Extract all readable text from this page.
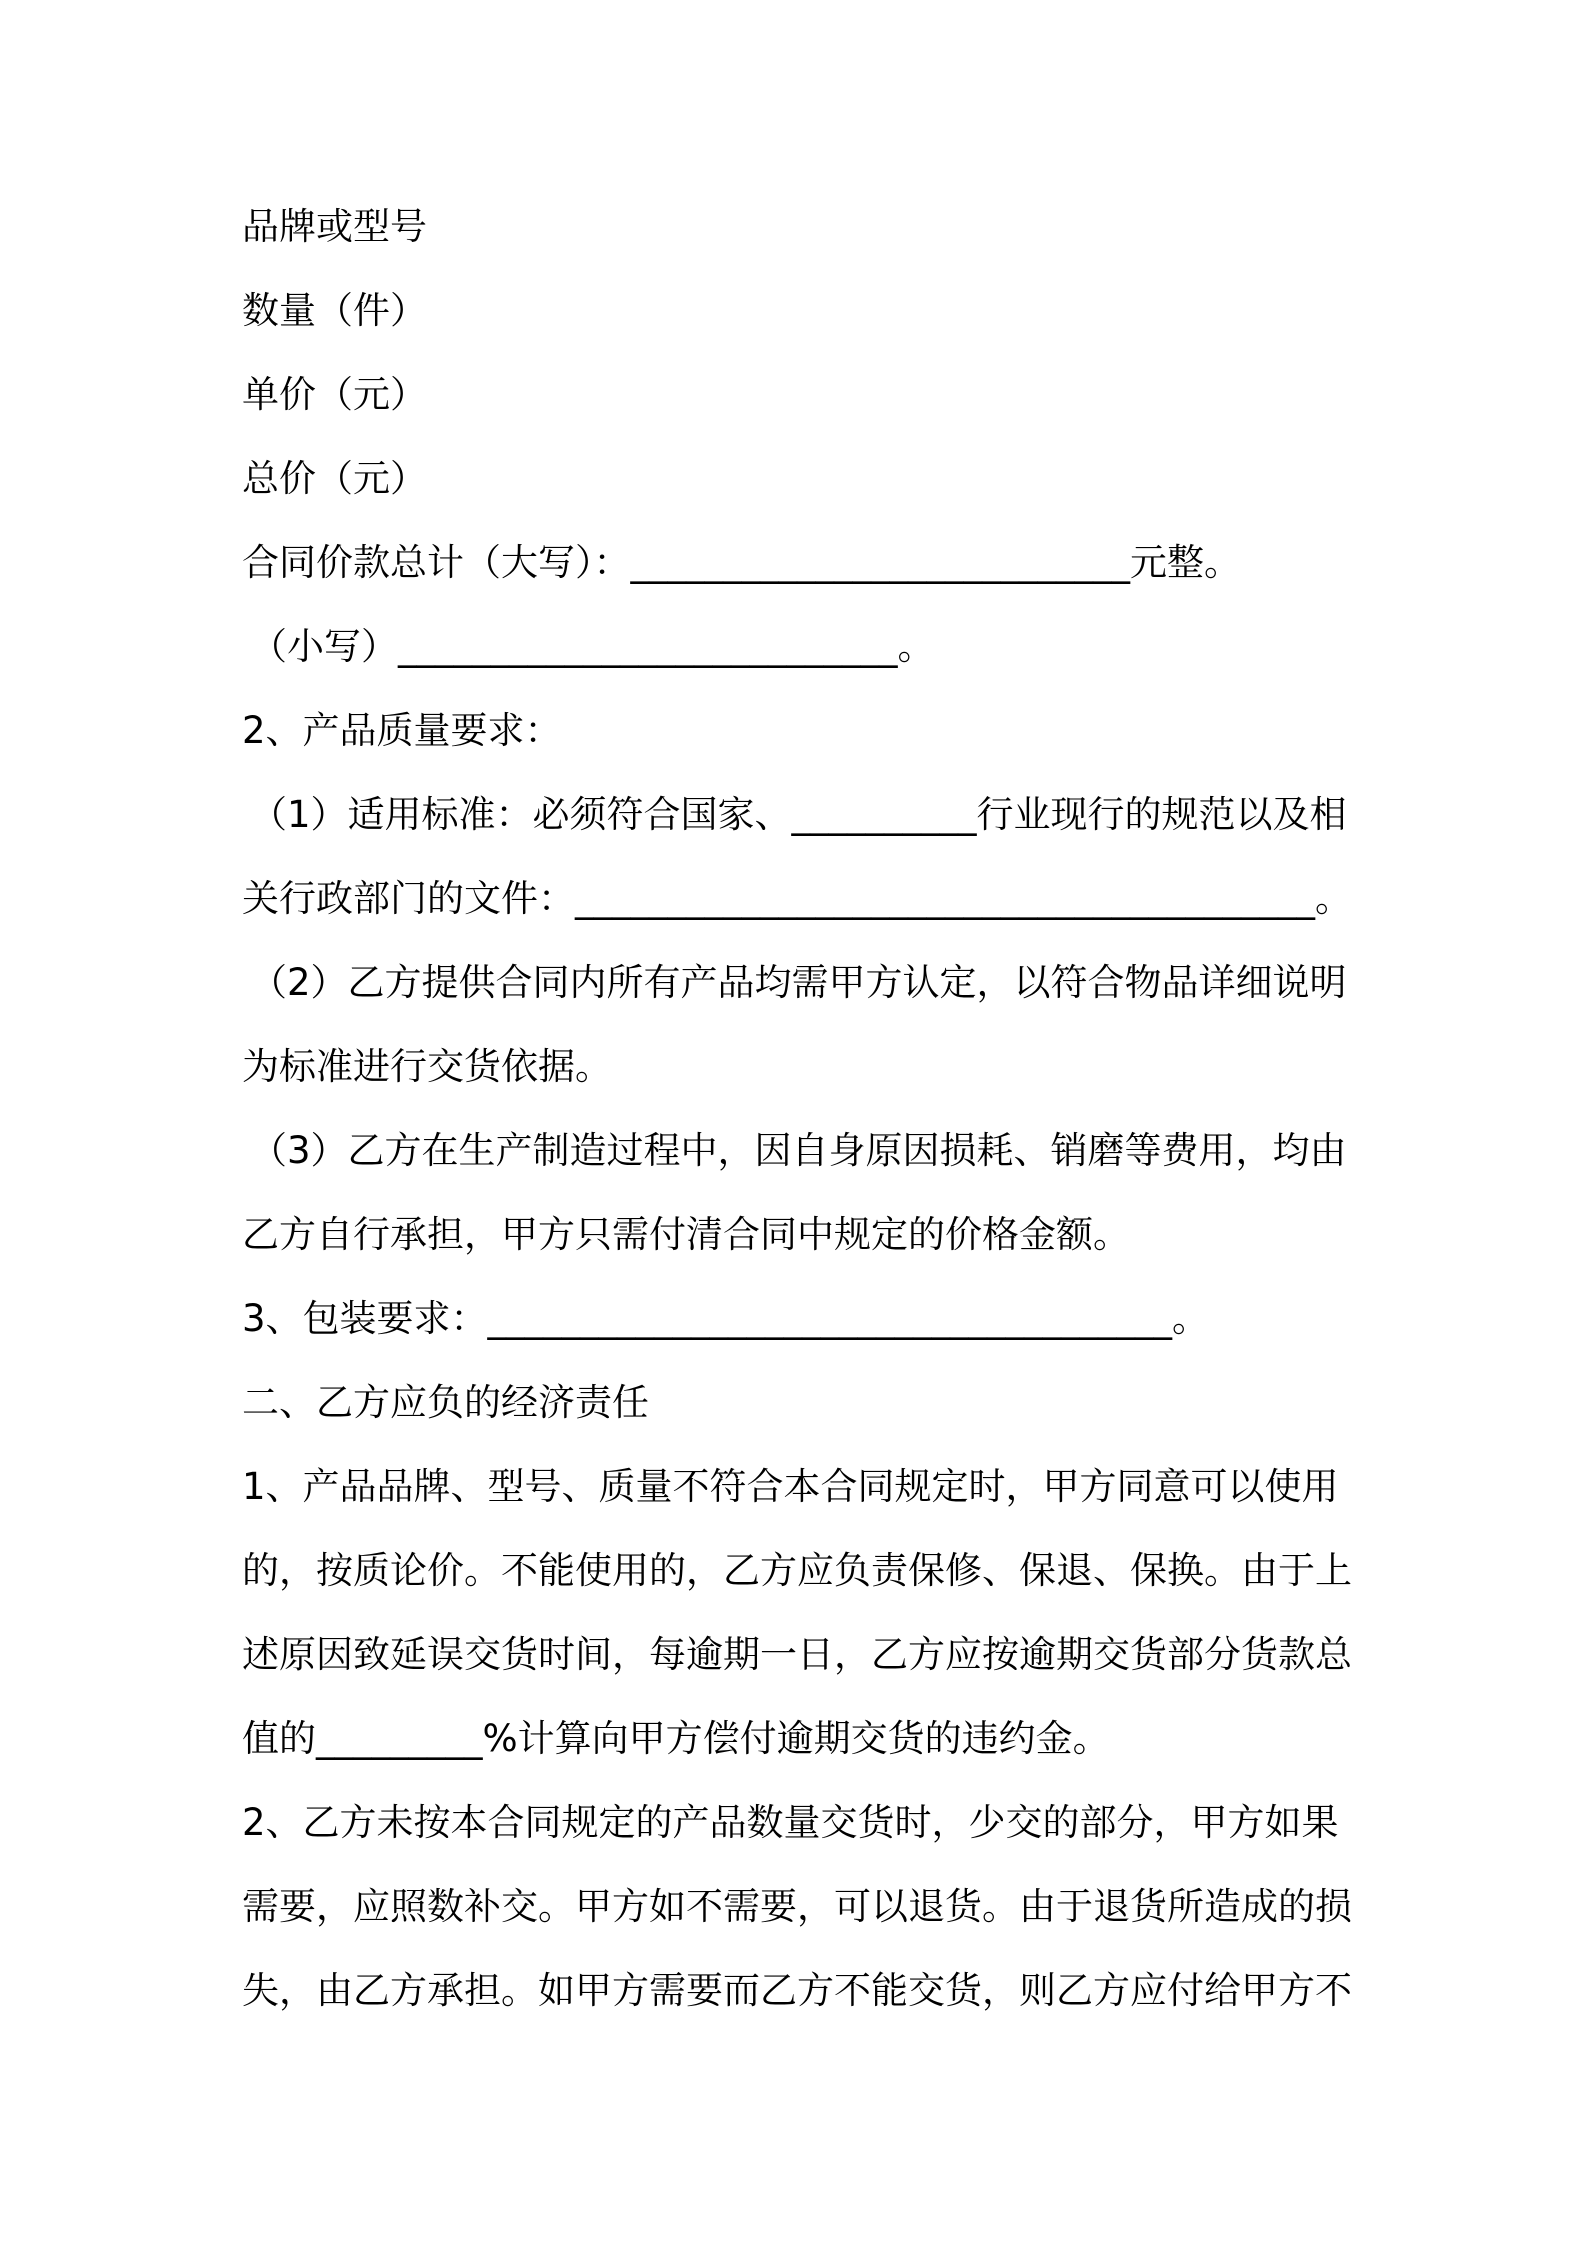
品牌或型号
数量（件）
单价（元）
总价（元）
合同价款总计（大写）：___________________________元整。
（小写）___________________________。
2、产品质量要求：
（1）适用标准：必须符合国家、__________行业现行的规范以及相
关行政部门的文件：________________________________________。
（2）乙方提供合同内所有产品均需甲方认定，以符合物品详细说明
为标准进行交货依据。
（3）乙方在生产制造过程中，因自身原因损耗、销磨等费用，均由
乙方自行承担，甲方只需付清合同中规定的价格金额。
3、包装要求：_____________________________________。
二、乙方应负的经济责任
1、产品品牌、型号、质量不符合本合同规定时，甲方同意可以使用
的，按质论价。不能使用的，乙方应负责保修、保退、保换。由于上
述原因致延误交货时间，每逾期一日，乙方应按逾期交货部分货款总
值的_________%计算向甲方偿付逾期交货的违约金。
2、乙方未按本合同规定的产品数量交货时，少交的部分，甲方如果
需要，应照数补交。甲方如不需要，可以退货。由于退货所造成的损
失，由乙方承担。如甲方需要而乙方不能交货，则乙方应付给甲方不
